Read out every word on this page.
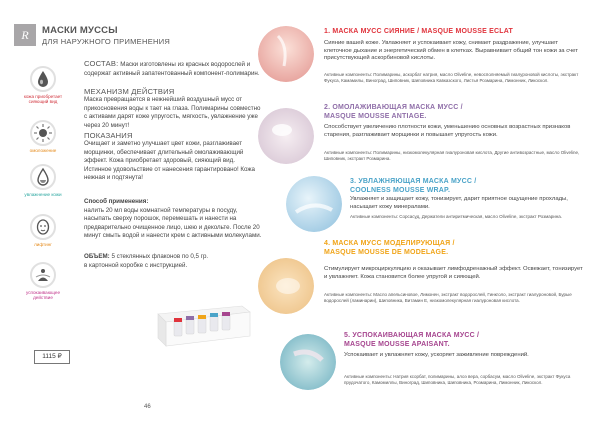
R	МАСКИ МУССЫ
ДЛЯ НАРУЖНОГО ПРИМЕНЕНИЯ
кожа приобретает сияющий вид
омоложение
увлажнение кожи
лифтинг
успокаивающее действие
1115 ₽
СОСТАВ: Маски изготовлены из красных водорослей и содержат активный запатентованный компонент-полимарин.
МЕХАНИЗМ ДЕЙСТВИЯ
Маска превращается в нежнейший воздушный мусс от прикосновения воды к тает на глаза. Полимарины совместно с активами дарят коже упругость, мягкость, увлажнение уже через 20 минут!
ПОКАЗАНИЯ
Очищает и заметно улучшает цвет кожи, разглаживает морщинки, обеспечивает длительный омолаживающий эффект. Кожа приобретает здоровый, сияющий вид. Истинное удовольствие от нанесения гарантировано! Кожа нежная и подтянута!
Способ применения:
налить 20 мл воды комнатной температуры в посуду, насыпать сверху порошок, перемешать и нанести на предварительно очищенное лицо, шею и декольте. После 20 минут смыть водой и нанести крем с активными молекулами.
ОБЪЕМ: 5 стеклянных флаконов по 0,5 гр.
в картонной коробке с инструкцией.
46
1. МАСКА МУСС СИЯНИЕ / MASQUE MOUSSE ECLAT
Сияние вашей коже. Увлажняет и успокаивает кожу, снимает раздражение, улучшает клеточное дыхание и энергетический обмен в клетках. Выравнивает общий тон кожи за счет присутствующей аскорбиновой кислоты.
Активные компоненты: Полимарины, аскорбат натрия, масло Oliveline, невосполняемый гиалуроновой кислоты, экстракт Фукуса, Камамилы, Виноград, Шиповник, Шиповника Кавказского, Листья Розмарина, Лимонник, Ликоскол.
2. ОМОЛАЖИВАЮЩАЯ МАСКА МУСС /
MASQUE MOUSSE ANTIAGE.
Способствует увеличению плотности кожи, уменьшению основных возрастных признаков старения, разглаживает морщинки и повышает упругость кожи.
Активные компоненты: Полимарины, низкомолекулярная гиалуроновая кислота, Другие антивозрастные, масло Oliveline, Шиповник, экстракт Розмарина.
3. УВЛАЖНЯЮЩАЯ МАСКА МУСС /
COOLNESS MOUSSE WRAP.
Увлажняет и защищает кожу, тонизирует, дарит приятное ощущение прохлады, насыщает кожу минералами.
Активные компоненты: Сорсасуд, Держатели антиритмическая, масло Oliveline, экстракт Розмарина.
4. МАСКА МУСС МОДЕЛИРУЮЩАЯ /
MASQUE MOUSSE DE MODELAGE.
Стимулирует микроциркуляцию и оказывает лимфодренажный эффект. Освежает, тонизирует и увлажняет. Кожа становится более упругой и сияющей.
Активные компоненты: Масло апельсиновое, Лимонен, экстракт водорослей, Гинкголо, экстракт гиалуроновой, Бурые водорослей (ламинарии), Шиповника, Витамин Е, низкомолекулярная гиалуроновая кислота.
5. УСПОКАИВАЮЩАЯ МАСКА МУСС /
MASQUE MOUSSE APAISANT.
Успокаивает и увлажняет кожу, ускоряет заживление повреждений.
Активные компоненты: Натрия ксорбат, полимарины, алоэ вера, сорбасум, масло Oliveline, экстракт Фукуса прудочатого, Камомиллы, Виноград, Шиповника, Шиповника, Розмарина, Лимонник, Ликоскол.
